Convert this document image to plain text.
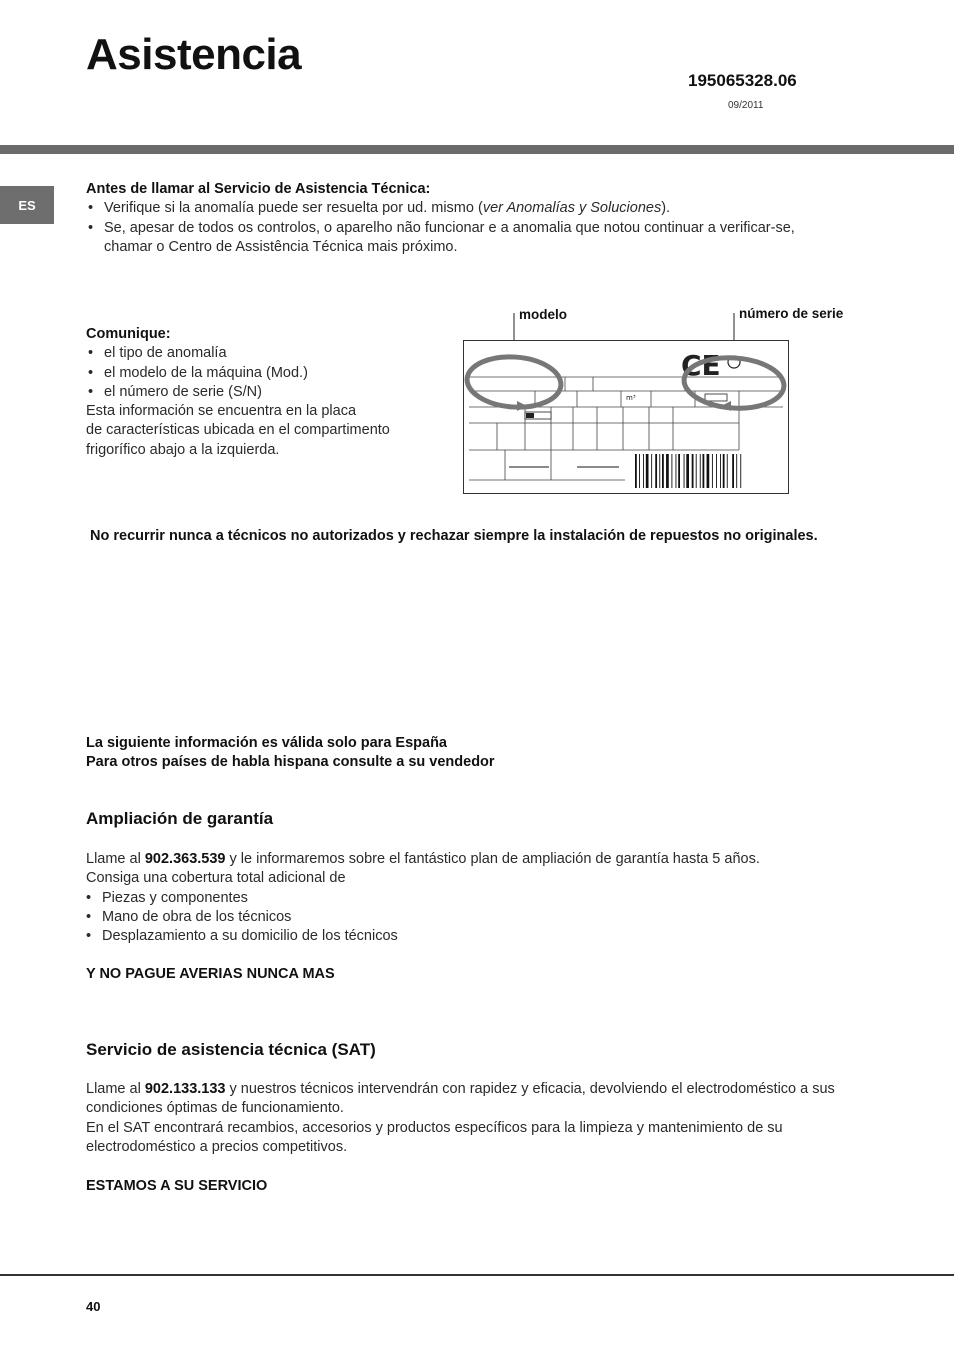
Asistencia
195065328.06
09/2011
ES
Antes de llamar al Servicio de Asistencia Técnica:
• Verifique si la anomalía puede ser resuelta por ud. mismo (ver Anomalías y Soluciones).
• Se, apesar de todos os controlos, o aparelho não funcionar e a anomalia que notou continuar a verificar-se,
chamar o Centro de Assistência Técnica mais próximo.
Comunique:
• el tipo de anomalía
• el modelo de la máquina (Mod.)
• el número de serie (S/N)
Esta información se encuentra en la placa
de características ubicada en el compartimento
frigorífico abajo a la izquierda.
modelo	número de serie
m³
CE
No recurrir nunca a técnicos no autorizados y rechazar siempre la instalación de repuestos no originales.
La siguiente información es válida solo para España
Para otros países de habla hispana consulte a su vendedor
Ampliación de garantía
Llame al 902.363.539 y le informaremos sobre el fantástico plan de ampliación de garantía hasta 5 años.
Consiga una cobertura total adicional de
• Piezas y componentes
• Mano de obra de los técnicos
• Desplazamiento a su domicilio de los técnicos
Y NO PAGUE AVERIAS NUNCA MAS
Servicio de asistencia técnica (SAT)
Llame al 902.133.133 y nuestros técnicos intervendrán con rapidez y eficacia, devolviendo el electrodoméstico a sus
condiciones óptimas de funcionamiento.
En el SAT encontrará recambios, accesorios y productos específicos para la limpieza y mantenimiento de su
electrodoméstico a precios competitivos.
ESTAMOS A SU SERVICIO
40
